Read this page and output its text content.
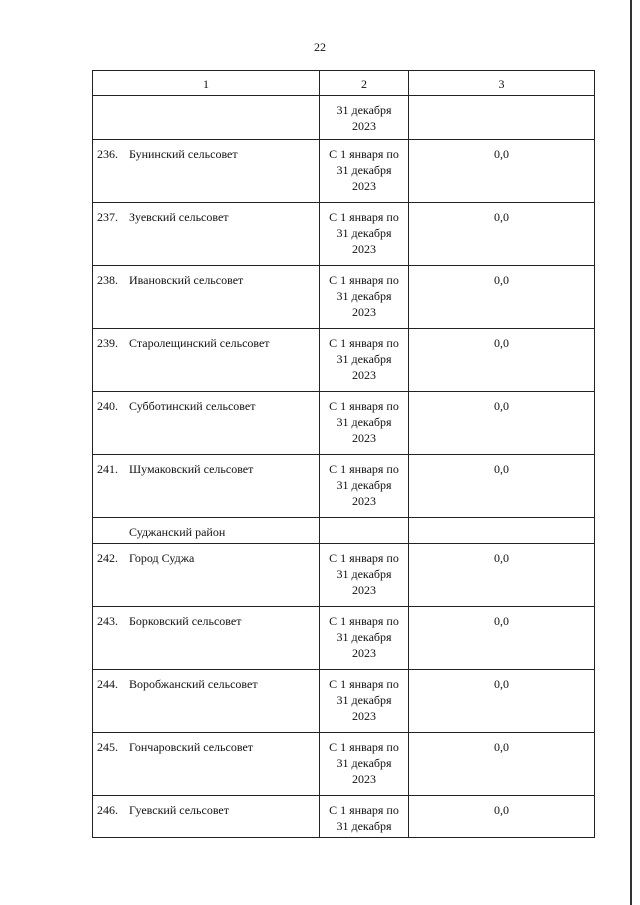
22
1	2	3

	31 декабря
2023	

236. Бунинский сельсовет	С 1 января по
31 декабря
2023	0,0
237. Зуевский сельсовет	С 1 января по
31 декабря
2023	0,0
238. Ивановский сельсовет	С 1 января по
31 декабря
2023	0,0
239. Старолещинский сельсовет	С 1 января по
31 декабря
2023	0,0
240. Субботинский сельсовет	С 1 января по
31 декабря
2023	0,0
241. Шумаковский сельсовет	С 1 января по
31 декабря
2023	0,0
Суджанский район		
242. Город Суджа	С 1 января по
31 декабря
2023	0,0
243. Борковский сельсовет	С 1 января по
31 декабря
2023	0,0
244. Воробжанский сельсовет	С 1 января по
31 декабря
2023	0,0
245. Гончаровский сельсовет	С 1 января по
31 декабря
2023	0,0
246. Гуевский сельсовет	С 1 января по
31 декабря	0,0
